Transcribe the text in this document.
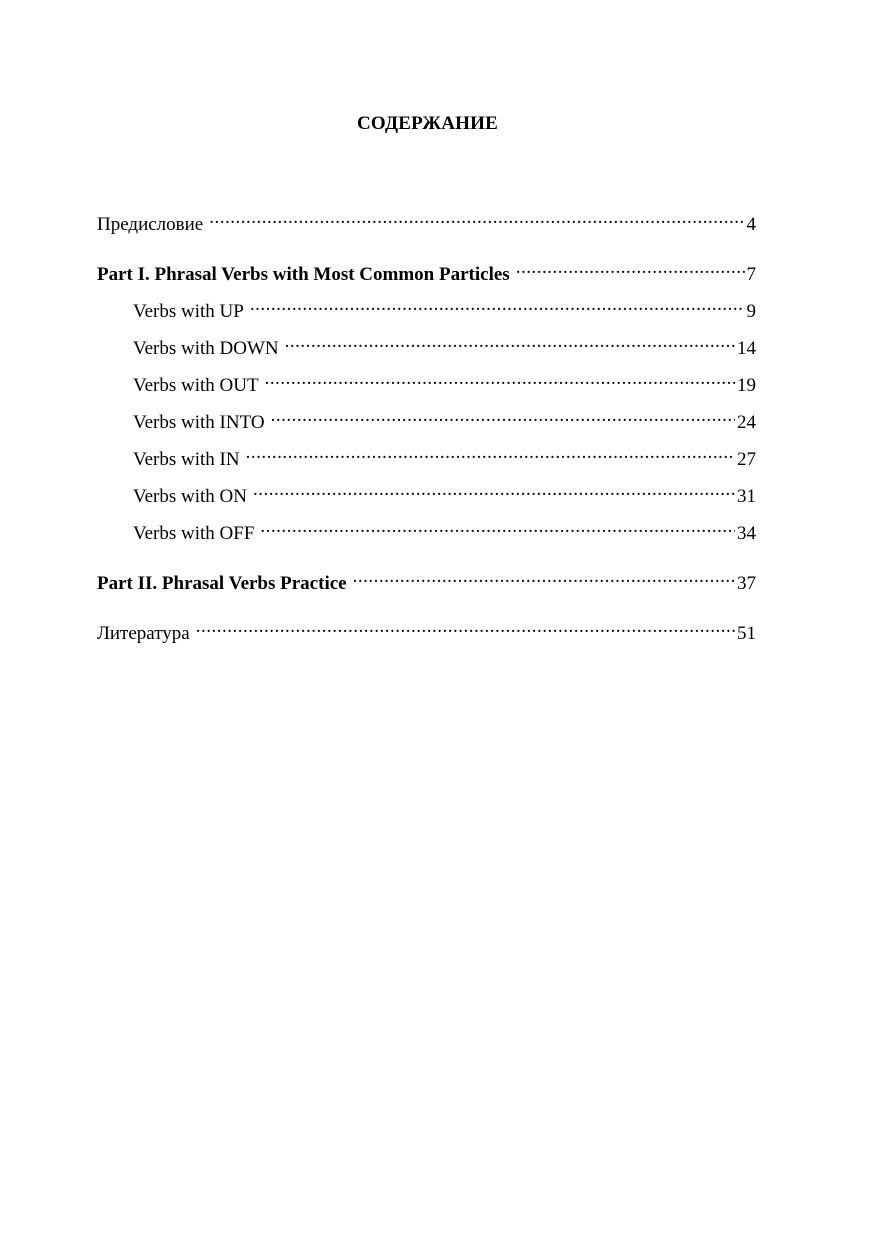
СОДЕРЖАНИЕ
Предисловие .....	4
Part I. Phrasal Verbs with Most Common Particles .....	7
Verbs with UP .....	9
Verbs with DOWN .....	14
Verbs with OUT .....	19
Verbs with INTO .....	24
Verbs with IN .....	27
Verbs with ON .....	31
Verbs with OFF .....	34
Part II. Phrasal Verbs Practice .....	37
Литература .....	51
